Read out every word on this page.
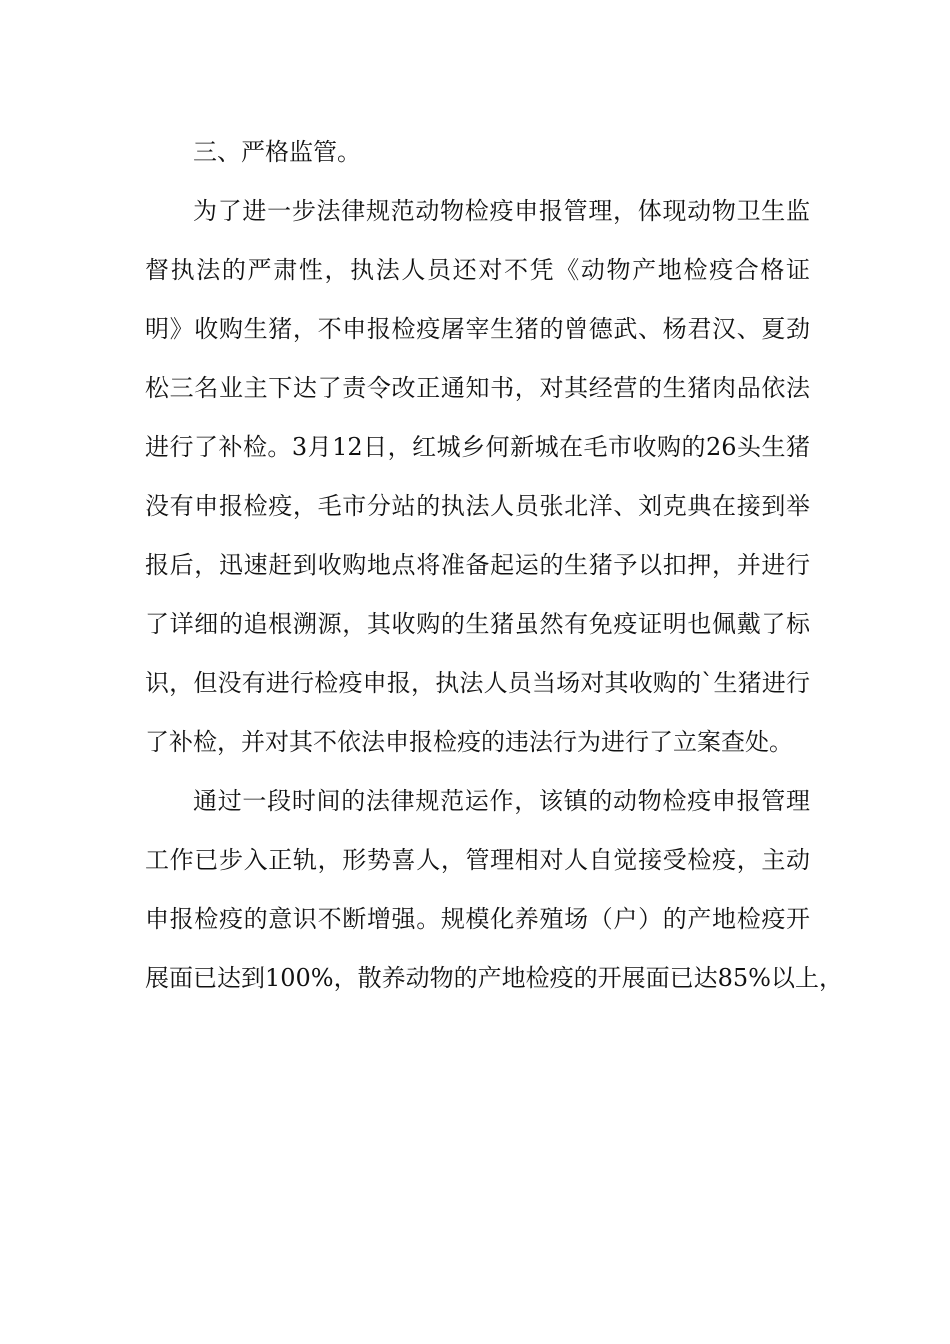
三、严格监管。
为了进一步法律规范动物检疫申报管理，体现动物卫生监
督执法的严肃性，执法人员还对不凭《动物产地检疫合格证
明》收购生猪，不申报检疫屠宰生猪的曾德武、杨君汉、夏劲
松三名业主下达了责令改正通知书，对其经营的生猪肉品依法
进行了补检。3月12日，红城乡何新城在毛市收购的26头生猪
没有申报检疫，毛市分站的执法人员张北洋、刘克典在接到举
报后，迅速赶到收购地点将准备起运的生猪予以扣押，并进行
了详细的追根溯源，其收购的生猪虽然有免疫证明也佩戴了标
识，但没有进行检疫申报，执法人员当场对其收购的`生猪进行
了补检，并对其不依法申报检疫的违法行为进行了立案查处。
通过一段时间的法律规范运作，该镇的动物检疫申报管理
工作已步入正轨，形势喜人，管理相对人自觉接受检疫，主动
申报检疫的意识不断增强。规模化养殖场（户）的产地检疫开
展面已达到100%，散养动物的产地检疫的开展面已达85%以上，
